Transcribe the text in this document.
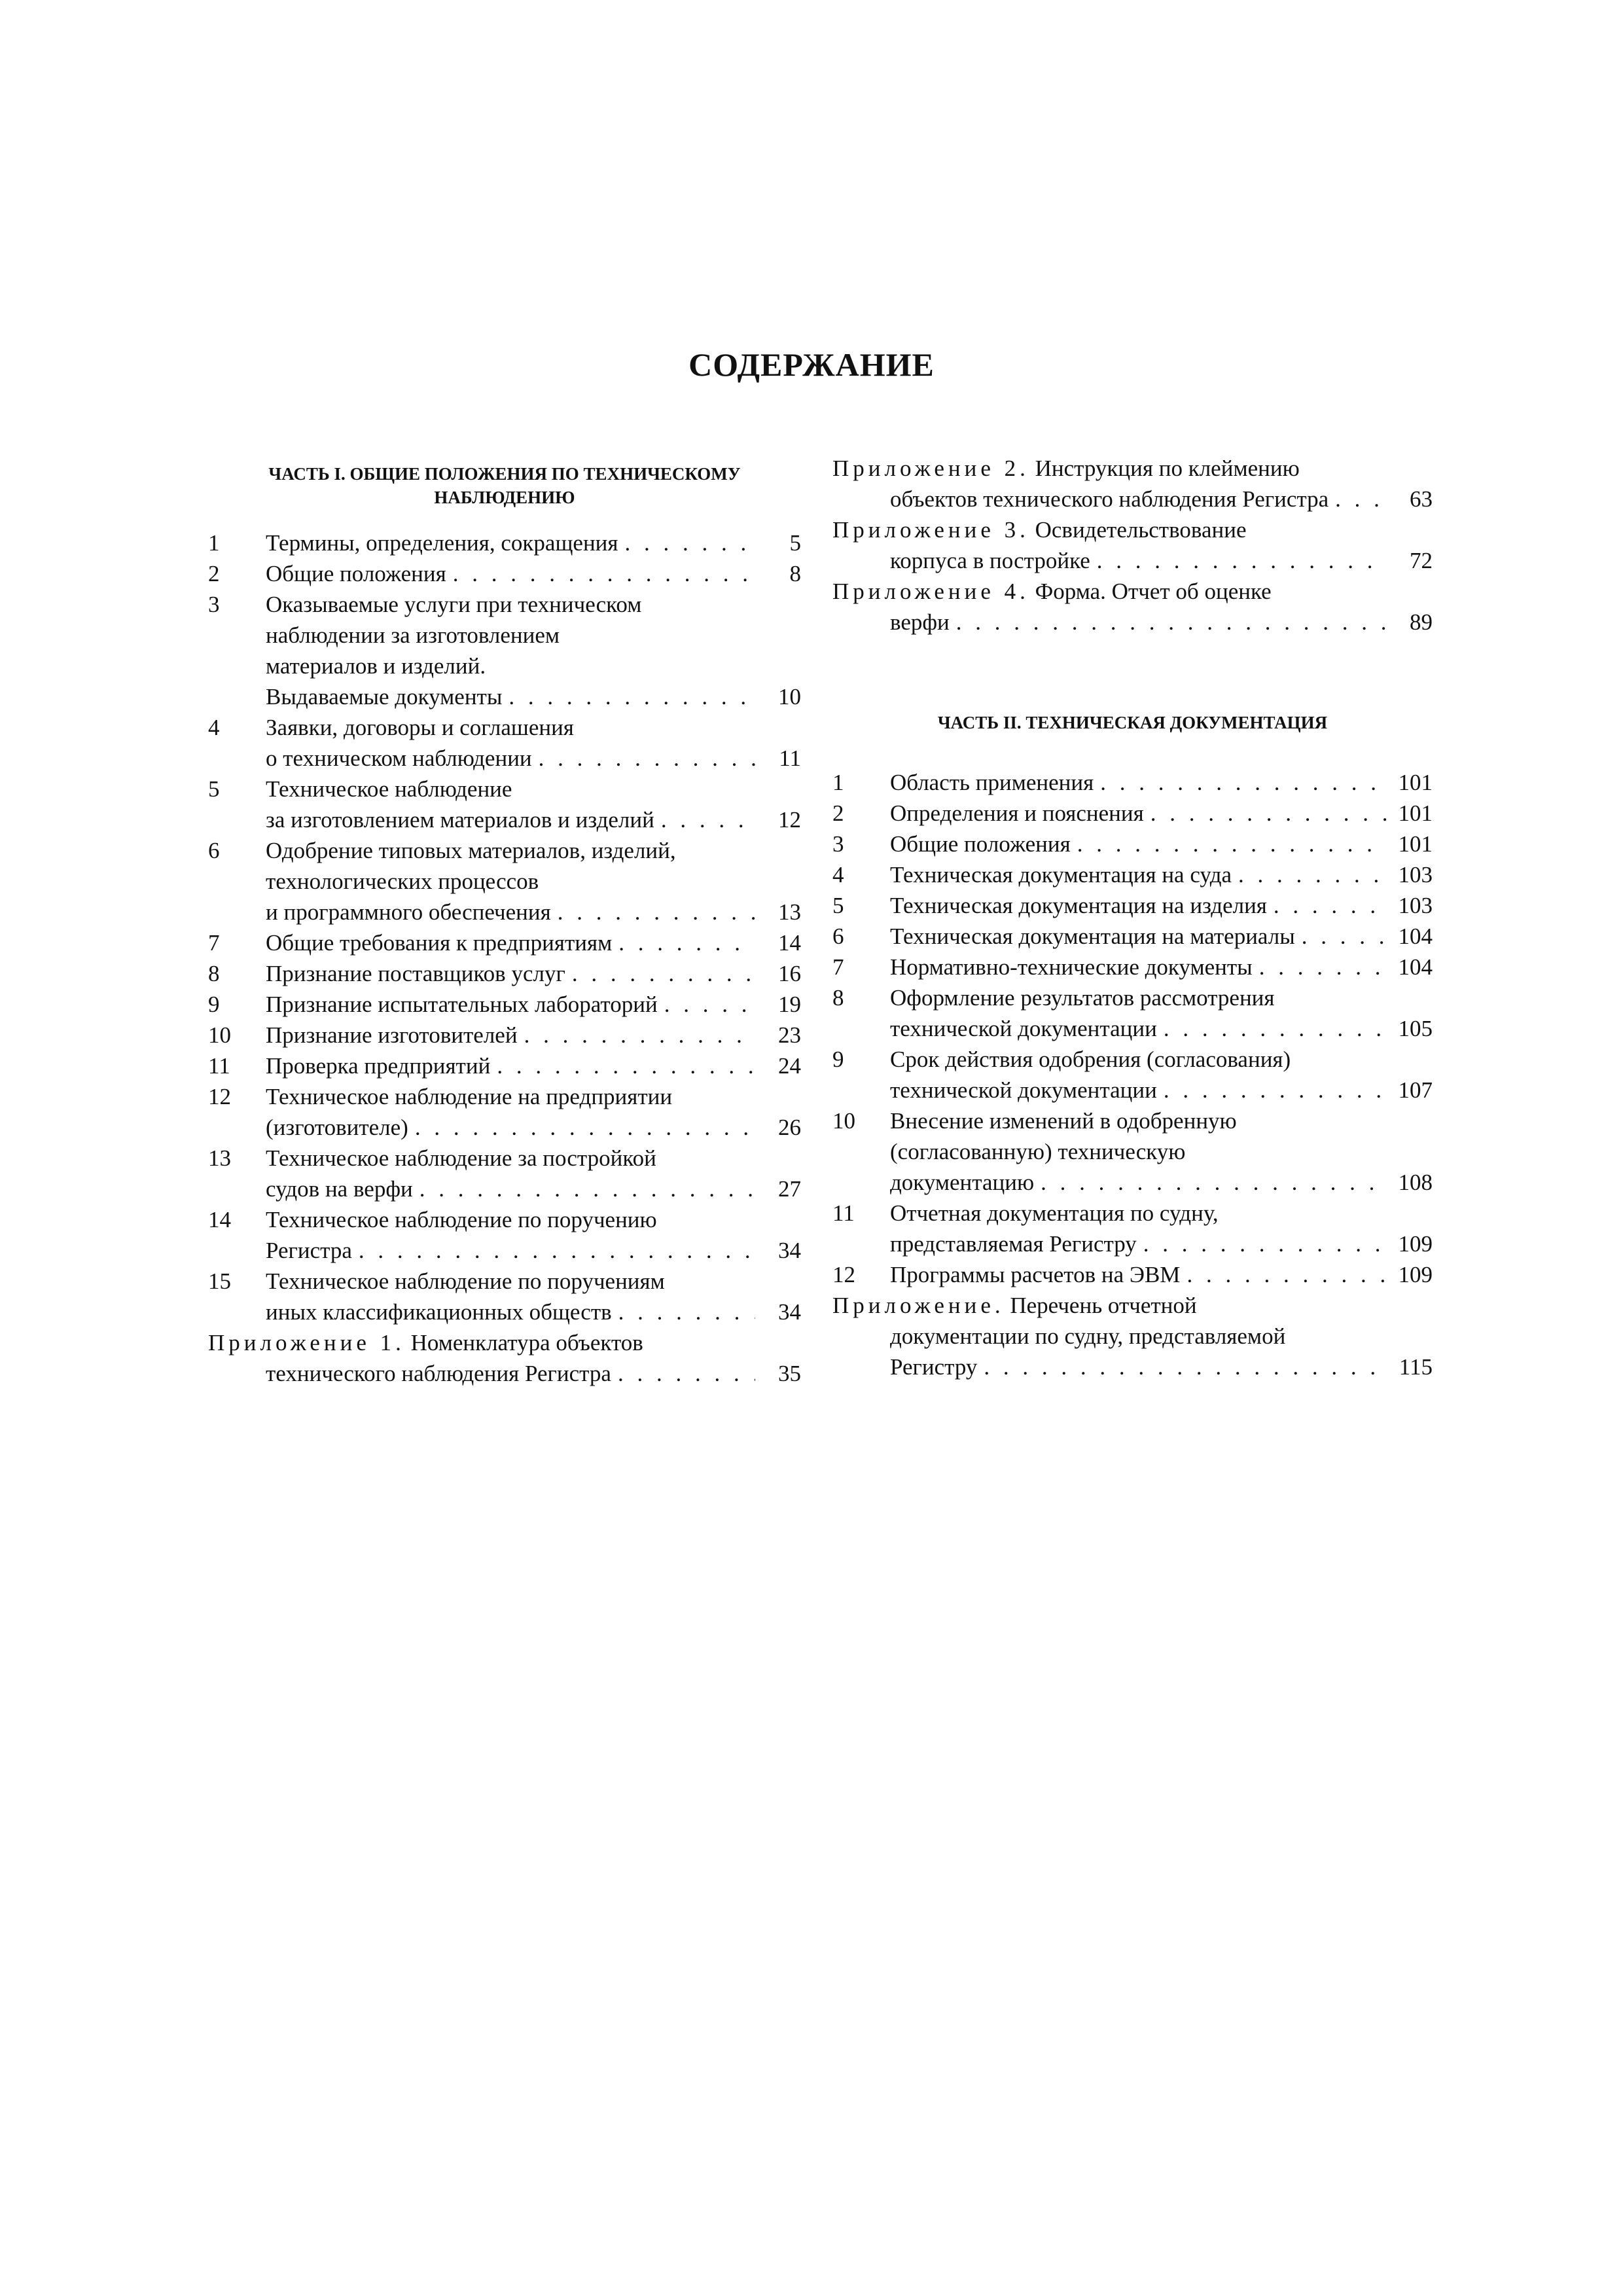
СОДЕРЖАНИЕ
ЧАСТЬ I. ОБЩИЕ ПОЛОЖЕНИЯ ПО ТЕХНИЧЕСКОМУ
НАБЛЮДЕНИЮ
1 Термины, определения, сокращения . . .	5
2 Общие положения . . .	8
3 Оказываемые услуги при техническом
наблюдении за изготовлением
материалов и изделий.
Выдаваемые документы . . .	10
4 Заявки, договоры и соглашения
о техническом наблюдении . . .	11
5 Техническое наблюдение
за изготовлением материалов и изделий . . .	12
6 Одобрение типовых материалов, изделий,
технологических процессов
и программного обеспечения . . .	13
7 Общие требования к предприятиям . . .	14
8 Признание поставщиков услуг . . .	16
9 Признание испытательных лабораторий . . .	19
10 Признание изготовителей . . .	23
11 Проверка предприятий . . .	24
12 Техническое наблюдение на предприятии
(изготовителе) . . .	26
13 Техническое наблюдение за постройкой
судов на верфи . . .	27
14 Техническое наблюдение по поручению
Регистра . . .	34
15 Техническое наблюдение по поручениям
иных классификационных обществ . . .	34
Приложение 1. Номенклатура объектов
технического наблюдения Регистра . . .	35
Приложение 2. Инструкция по клеймению
объектов технического наблюдения Регистра . . .	63
Приложение 3. Освидетельствование
корпуса в постройке . . .	72
Приложение 4. Форма. Отчет об оценке
верфи . . .	89
ЧАСТЬ II. ТЕХНИЧЕСКАЯ ДОКУМЕНТАЦИЯ
1 Область применения . . .	101
2 Определения и пояснения . . .	101
3 Общие положения . . .	101
4 Техническая документация на суда . . .	103
5 Техническая документация на изделия . . .	103
6 Техническая документация на материалы . . .	104
7 Нормативно-технические документы . . .	104
8 Оформление результатов рассмотрения
технической документации . . .	105
9 Срок действия одобрения (согласования)
технической документации . . .	107
10 Внесение изменений в одобренную
(согласованную) техническую
документацию . . .	108
11 Отчетная документация по судну,
представляемая Регистру . . .	109
12 Программы расчетов на ЭВМ . . .	109
Приложение. Перечень отчетной
документации по судну, представляемой
Регистру . . .	115
